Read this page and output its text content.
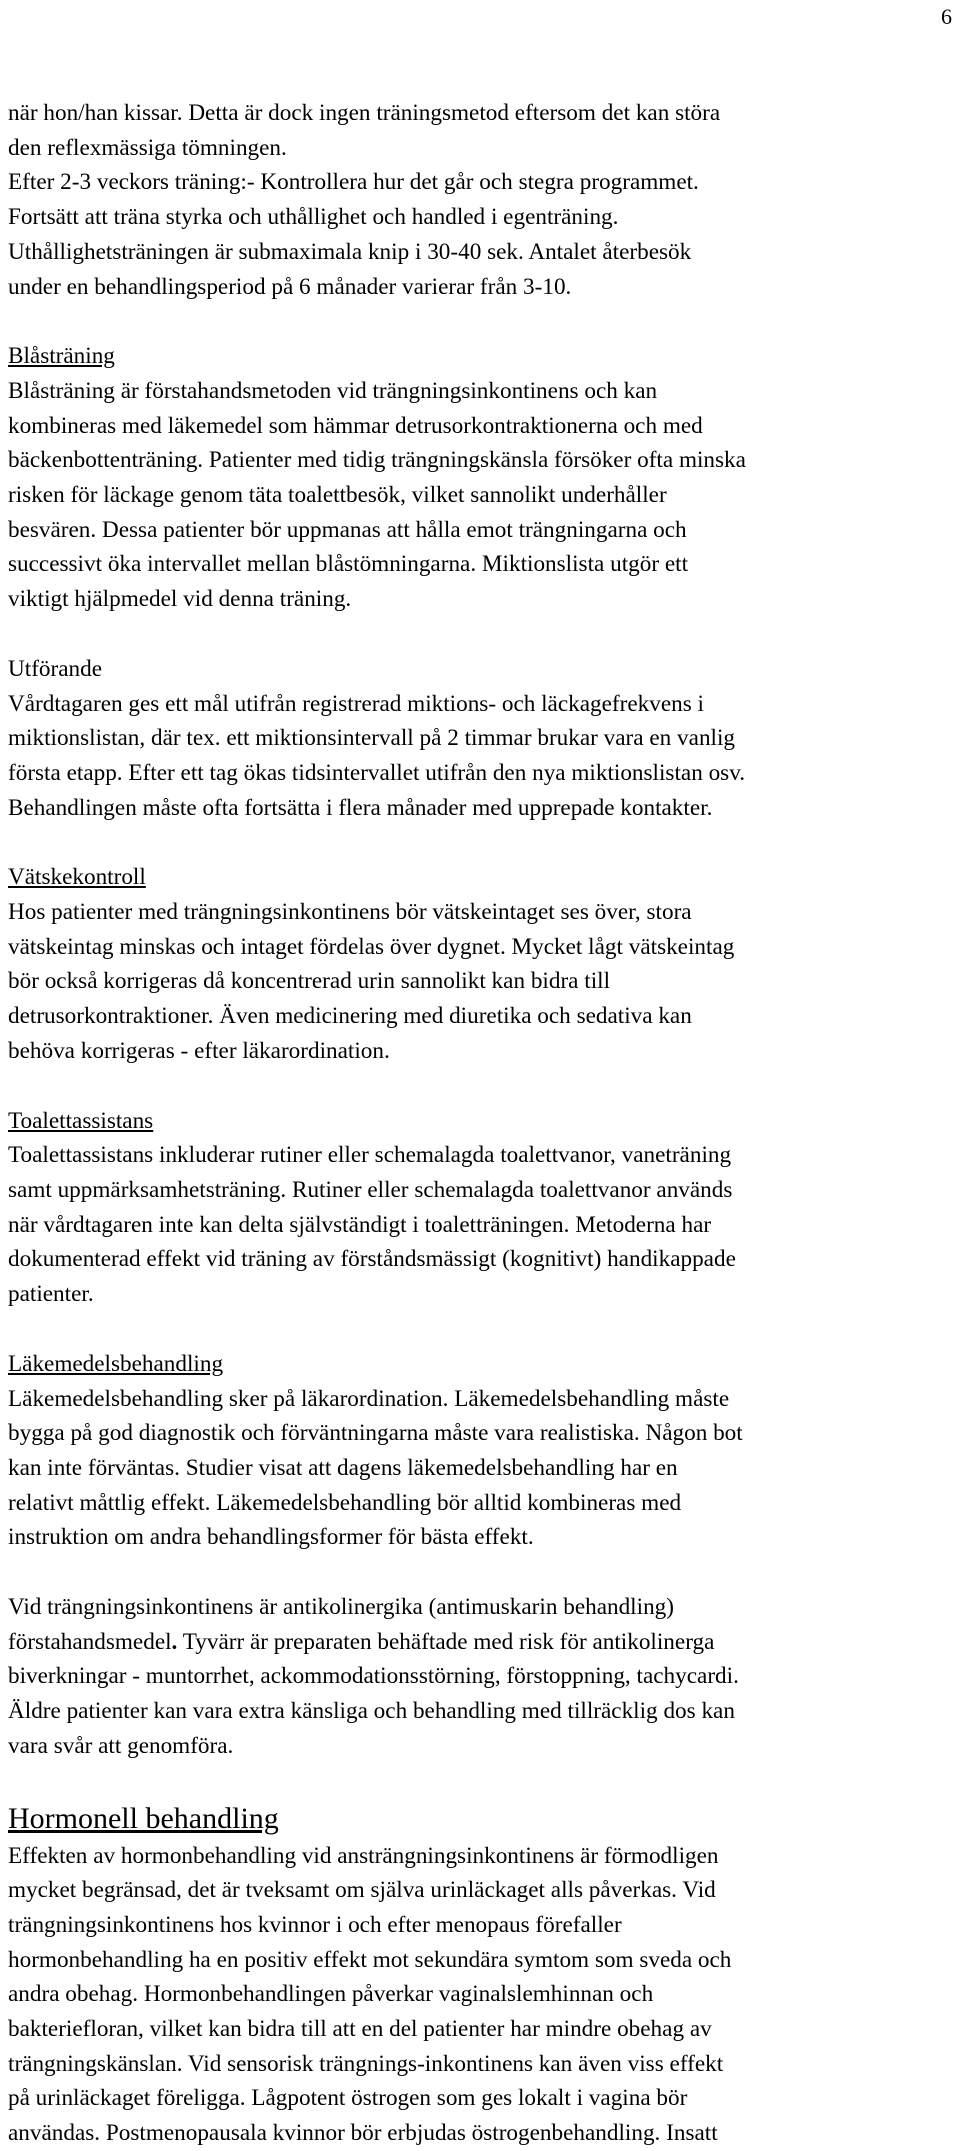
6

när hon/han kissar. Detta är dock ingen träningsmetod eftersom det kan störa
den reflexmässiga tömningen.
Efter 2-3 veckors träning:- Kontrollera hur det går och stegra programmet.
Fortsätt att träna styrka och uthållighet och handled i egenträning.
Uthållighetsträningen är submaximala knip i 30-40 sek. Antalet återbesök
under en behandlingsperiod på 6 månader varierar från 3-10.

Blåsträning

Blåsträning är förstahandsmetoden vid trängningsinkontinens och kan
kombineras med läkemedel som hämmar detrusorkontraktionerna och med
bäckenbottenträning. Patienter med tidig trängningskänsla försöker ofta minska
risken för läckage genom täta toalettbesök, vilket sannolikt underhåller
besvären. Dessa patienter bör uppmanas att hålla emot trängningarna och
successivt öka intervallet mellan blåstömningarna. Miktionslista utgör ett
viktigt hjälpmedel vid denna träning.

Utförande

Vårdtagaren ges ett mål utifrån registrerad miktions- och läckagefrekvens i
miktionslistan, där tex. ett miktionsintervall på 2 timmar brukar vara en vanlig
första etapp. Efter ett tag ökas tidsintervallet utifrån den nya miktionslistan osv.
Behandlingen måste ofta fortsätta i flera månader med upprepade kontakter.

Vätskekontroll

Hos patienter med trängningsinkontinens bör vätskeintaget ses över, stora
vätskeintag minskas och intaget fördelas över dygnet. Mycket lågt vätskeintag
bör också korrigeras då koncentrerad urin sannolikt kan bidra till
detrusorkontraktioner. Även medicinering med diuretika och sedativa kan
behöva korrigeras - efter läkarordination.

Toalettassistans

Toalettassistans inkluderar rutiner eller schemalagda toalettvanor, vaneträning
samt uppmärksamhetsträning. Rutiner eller schemalagda toalettvanor används
när vårdtagaren inte kan delta självständigt i toaletträningen. Metoderna har
dokumenterad effekt vid träning av förståndsmässigt (kognitivt) handikappade
patienter.

Läkemedelsbehandling

Läkemedelsbehandling sker på läkarordination. Läkemedelsbehandling måste
bygga på god diagnostik och förväntningarna måste vara realistiska. Någon bot
kan inte förväntas. Studier visat att dagens läkemedelsbehandling har en
relativt måttlig effekt. Läkemedelsbehandling bör alltid kombineras med
instruktion om andra behandlingsformer för bästa effekt.

Vid trängningsinkontinens är antikolinergika (antimuskarin behandling)
förstahandsmedel. Tyvärr är preparaten behäftade med risk för antikolinerga
biverkningar - muntorrhet, ackommodationsstörning, förstoppning, tachycardi.
Äldre patienter kan vara extra känsliga och behandling med tillräcklig dos kan
vara svår att genomföra.

Hormonell behandling

Effekten av hormonbehandling vid ansträngningsinkontinens är förmodligen
mycket begränsad, det är tveksamt om själva urinläckaget alls påverkas. Vid
trängningsinkontinens hos kvinnor i och efter menopaus förefaller
hormonbehandling ha en positiv effekt mot sekundära symtom som sveda och
andra obehag. Hormonbehandlingen påverkar vaginalslemhinnan och
bakteriefloran, vilket kan bidra till att en del patienter har mindre obehag av
trängningskänslan. Vid sensorisk trängnings-inkontinens kan även viss effekt
på urinläckaget föreligga. Lågpotent östrogen som ges lokalt i vagina bör
användas. Postmenopausala kvinnor bör erbjudas östrogenbehandling. Insatt
